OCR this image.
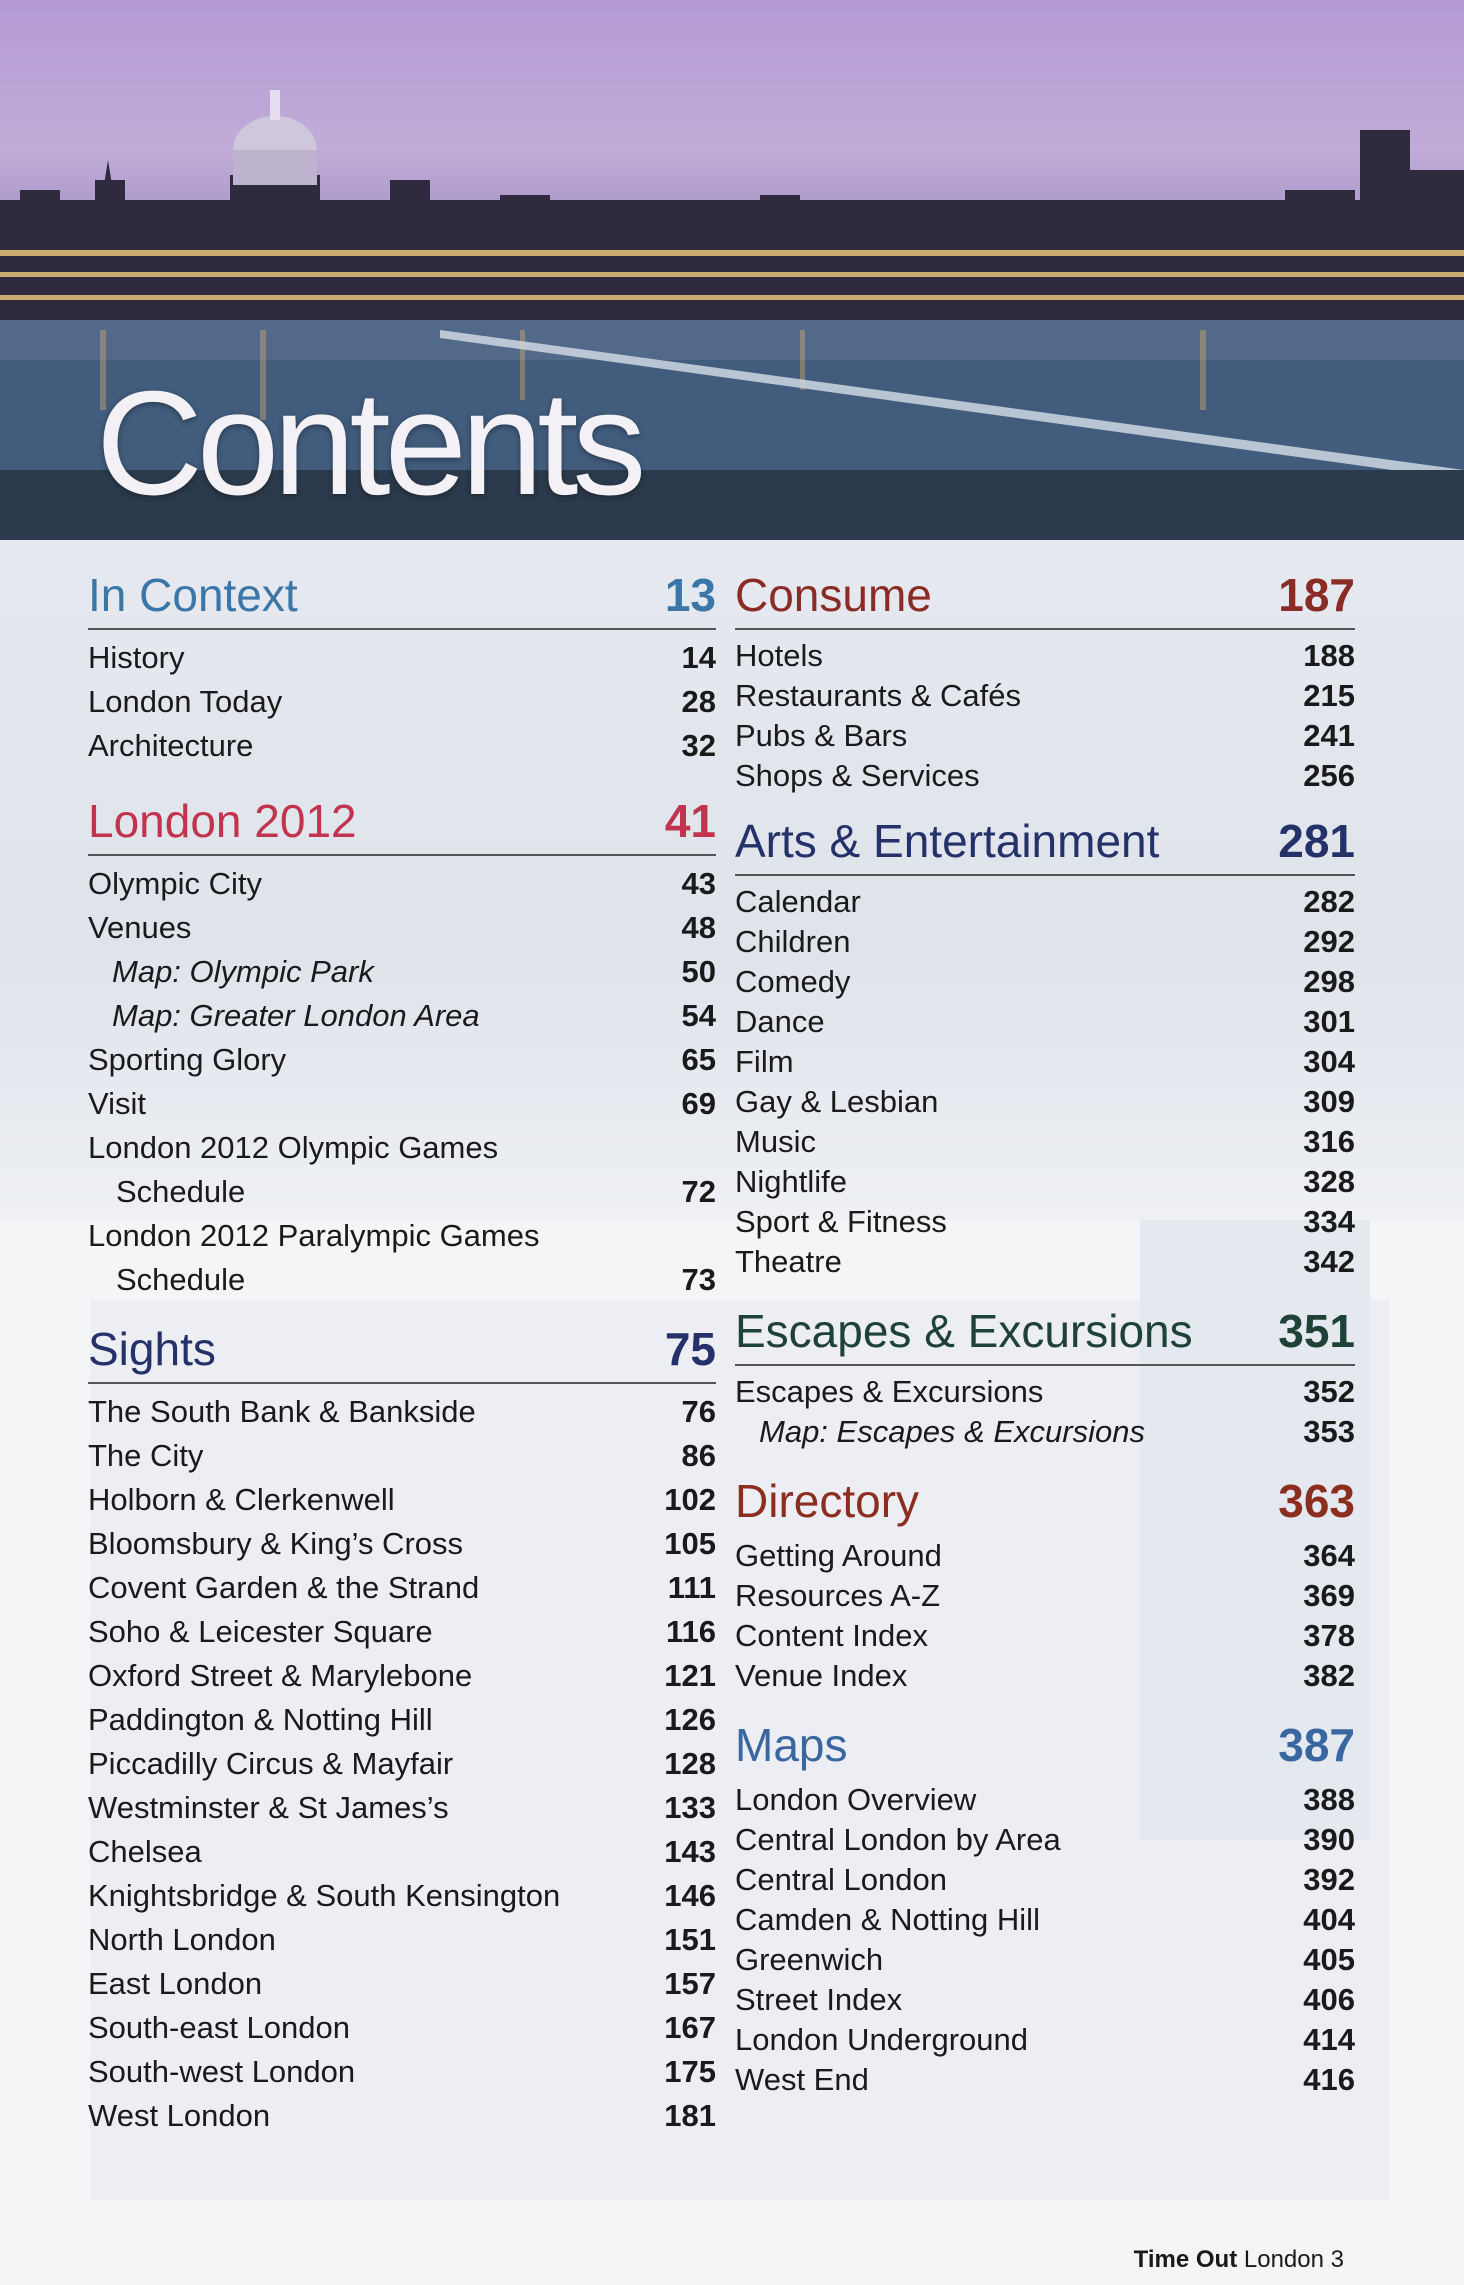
Contents
In Context	13
History	14
London Today	28
Architecture	32
London 2012	41
Olympic City	43
Venues	48
Map: Olympic Park	50
Map: Greater London Area	54
Sporting Glory	65
Visit	69
London 2012 Olympic Games
Schedule	72
London 2012 Paralympic Games
Schedule	73
Sights	75
The South Bank & Bankside	76
The City	86
Holborn & Clerkenwell	102
Bloomsbury & King’s Cross	105
Covent Garden & the Strand	111
Soho & Leicester Square	116
Oxford Street & Marylebone	121
Paddington & Notting Hill	126
Piccadilly Circus & Mayfair	128
Westminster & St James’s	133
Chelsea	143
Knightsbridge & South Kensington	146
North London	151
East London	157
South-east London	167
South-west London	175
West London	181
Consume	187
Hotels	188
Restaurants & Cafés	215
Pubs & Bars	241
Shops & Services	256
Arts & Entertainment	281
Calendar	282
Children	292
Comedy	298
Dance	301
Film	304
Gay & Lesbian	309
Music	316
Nightlife	328
Sport & Fitness	334
Theatre	342
Escapes & Excursions 351
Escapes & Excursions	352
Map: Escapes & Excursions	353
Directory	363
Getting Around	364
Resources A-Z	369
Content Index	378
Venue Index	382
Maps	387
London Overview	388
Central London by Area	390
Central London	392
Camden & Notting Hill	404
Greenwich	405
Street Index	406
London Underground	414
West End	416
Time Out London 3
